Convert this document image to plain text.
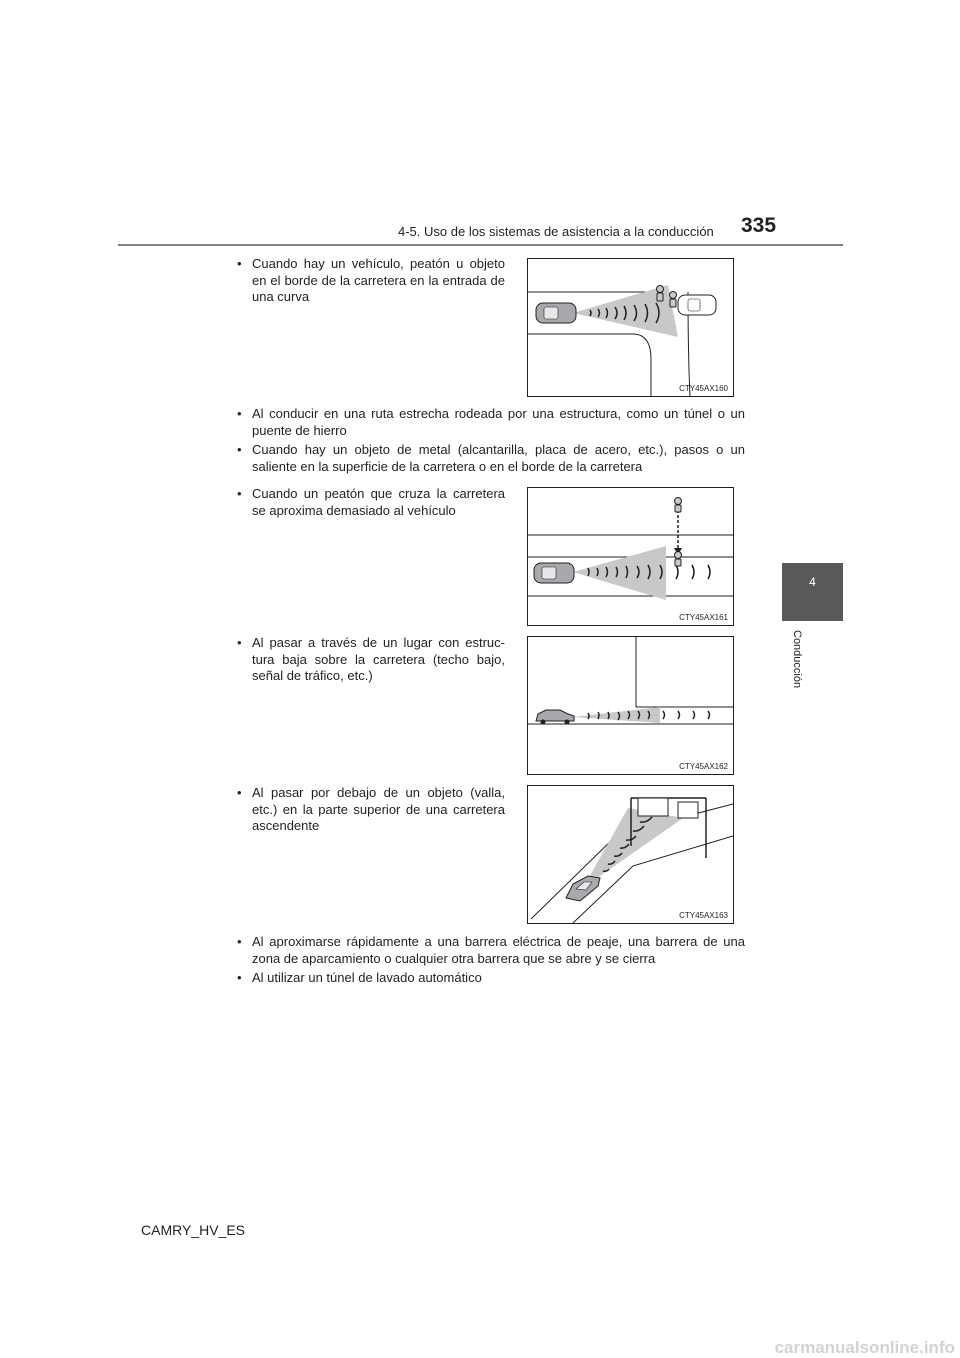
4-5. Uso de los sistemas de asistencia a la conducción 335
4
Conducción
• Cuando hay un vehículo, peatón u objeto en el borde de la carretera en la entrada de una curva
CTY45AX160
• Al conducir en una ruta estrecha rodeada por una estructura, como un túnel o un puente de hierro
• Cuando hay un objeto de metal (alcantarilla, placa de acero, etc.), pasos o un saliente en la superficie de la carretera o en el borde de la carretera
• Cuando un peatón que cruza la carretera se aproxima demasiado al vehículo
CTY45AX161
• Al pasar a través de un lugar con estruc-tura baja sobre la carretera (techo bajo, señal de tráfico, etc.)
CTY45AX162
• Al pasar por debajo de un objeto (valla, etc.) en la parte superior de una carretera ascendente
CTY45AX163
• Al aproximarse rápidamente a una barrera eléctrica de peaje, una barrera de una zona de aparcamiento o cualquier otra barrera que se abre y se cierra
• Al utilizar un túnel de lavado automático
CAMRY_HV_ES
carmanualsonline.info
